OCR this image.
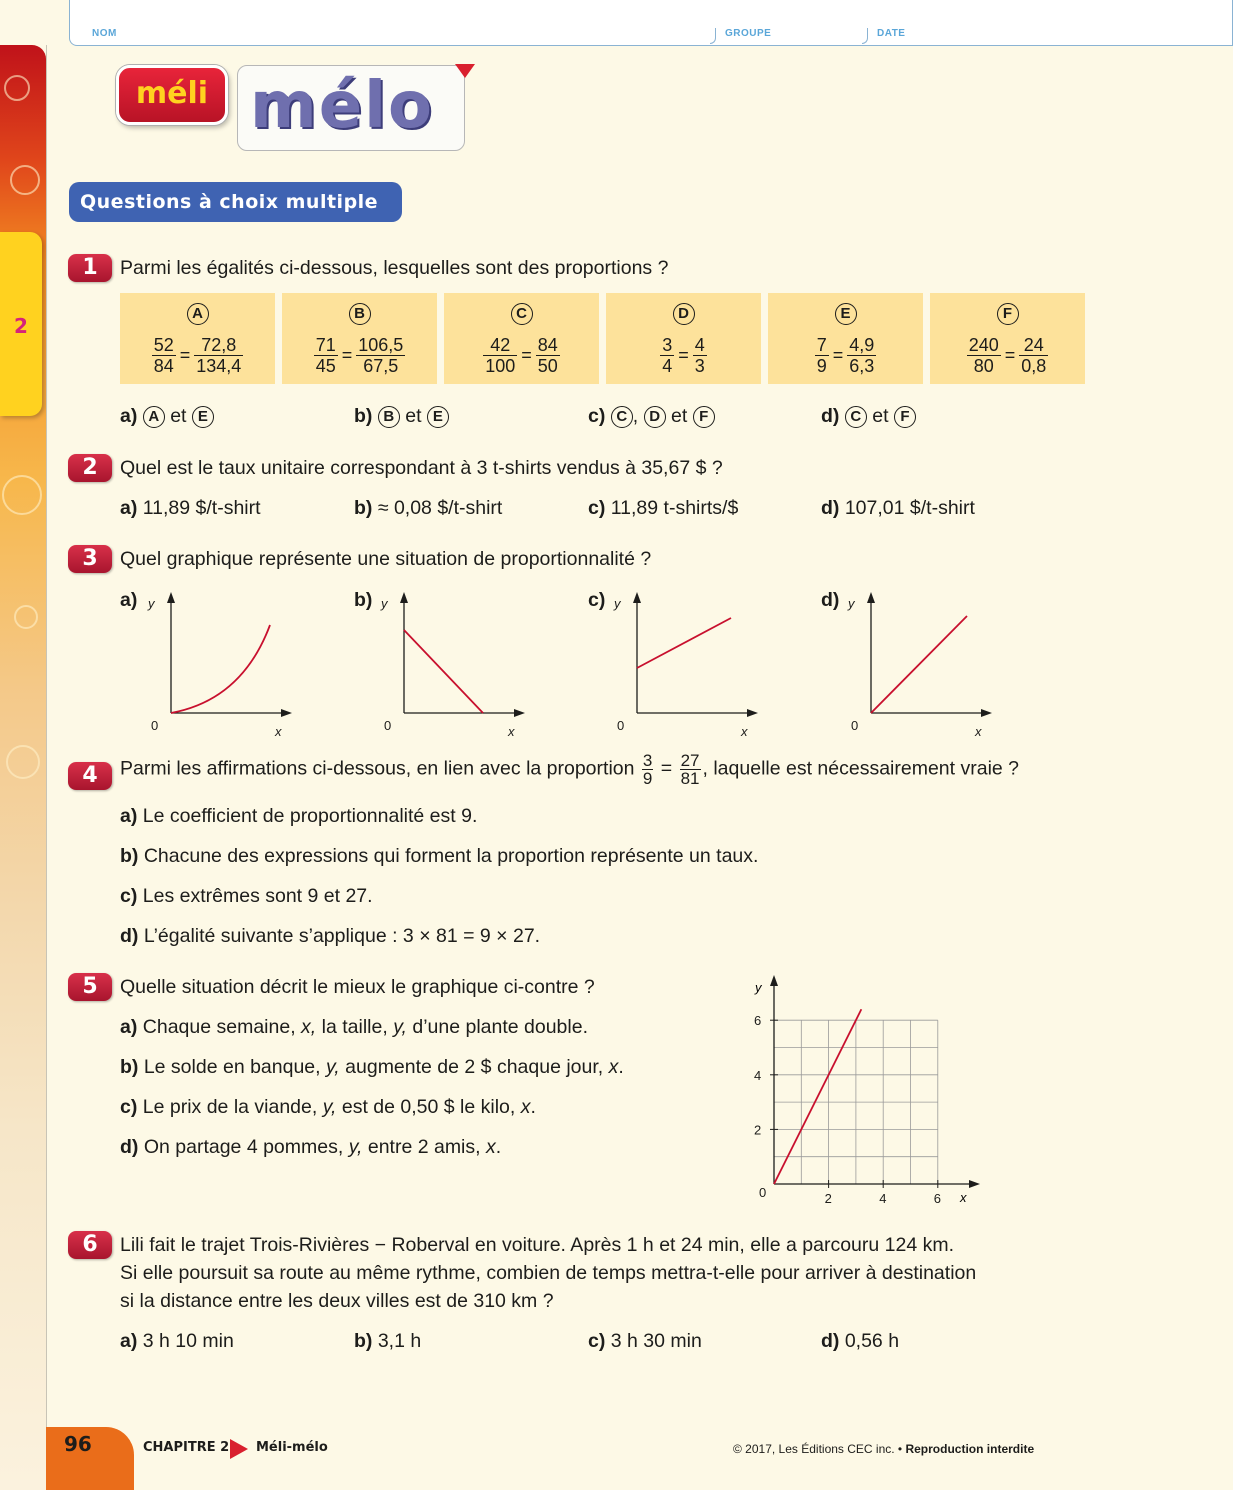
2
NOM	GROUPE	DATE
méli mélo
Questions à choix multiple
1	Parmi les égalités ci-dessous, lesquelles sont des proportions ?
a) A et E	b) B et E	c) C , D et F	d) C et F
2	Quel est le taux unitaire correspondant à 3 t-shirts vendus à 35,67 $ ?
a) 11,89 $/t-shirt	b) ≈ 0,08 $/t-shirt	c) 11,89 t-shirts/$	d) 107,01 $/t-shirt
3	Quel graphique représente une situation de proportionnalité ?
a)	b)	c)	d)
y
0	x
y
0	x
y
0	x
y
0	x
4	Parmi les affirmations ci-dessous, en lien avec la proportion $\frac{3}{9} = \frac{27}{81}$ , laquelle est nécessairement vraie ?
a) Le coefficient de proportionnalité est 9.
b) Chacune des expressions qui forment la proportion représente un taux.
c) Les extrêmes sont 9 et 27.
d) L’égalité suivante s’applique : 3 × 81 = 9 × 27.
5	Quelle situation décrit le mieux le graphique ci-contre ?
a) Chaque semaine, x, la taille, y, d’une plante double.
b) Le solde en banque, y, augmente de 2 $ chaque jour, x.
c) Le prix de la viande, y, est de 0,50 $ le kilo, x.
d) On partage 4 pommes, y, entre 2 amis, x.
y
x
0	2	4	6
2
4
6
6	Lili fait le trajet Trois-Rivières − Roberval en voiture. Après 1 h et 24 min, elle a parcouru 124 km.
Si elle poursuit sa route au même rythme, combien de temps mettra-t-elle pour arriver à destination
si la distance entre les deux villes est de 310 km ?
a) 3 h 10 min	b) 3,1 h	c) 3 h 30 min	d) 0,56 h
96	CHAPITRE 2 Méli-mélo	© 2017, Les Éditions CEC inc. • Reproduction interdite
A
$\frac{52}{84} = \frac{72,8}{134,4}$
B
$\frac{71}{45} = \frac{106,5}{67,5}$
C
$\frac{42}{100} = \frac{84}{50}$
D
$\frac{3}{4} = \frac{4}{3}$
E
$\frac{7}{9} = \frac{4,9}{6,3}$
F
$\frac{240}{80} = \frac{24}{0,8}$
